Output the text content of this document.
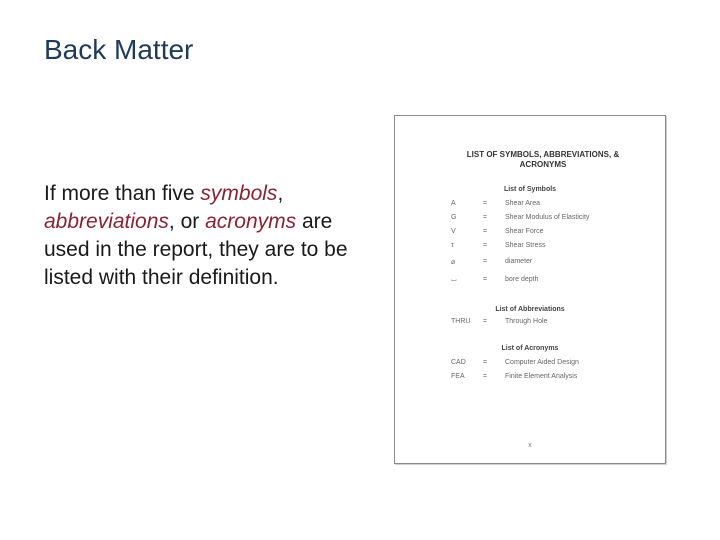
Back Matter
If more than five symbols, abbreviations, or acronyms are used in the report, they are to be listed with their definition.
LIST OF SYMBOLS, ABBREVIATIONS, &
ACRONYMS
List of Symbols
A	=	Shear Area
G	=	Shear Modulus of Elasticity
V	=	Shear Force
τ	=	Shear Stress
⌀	=	diameter
⌴	=	bore depth
List of Abbreviations
THRU	=	Through Hole
List of Acronyms
CAD	=	Computer Aided Design
FEA	=	Finite Element Analysis
x
